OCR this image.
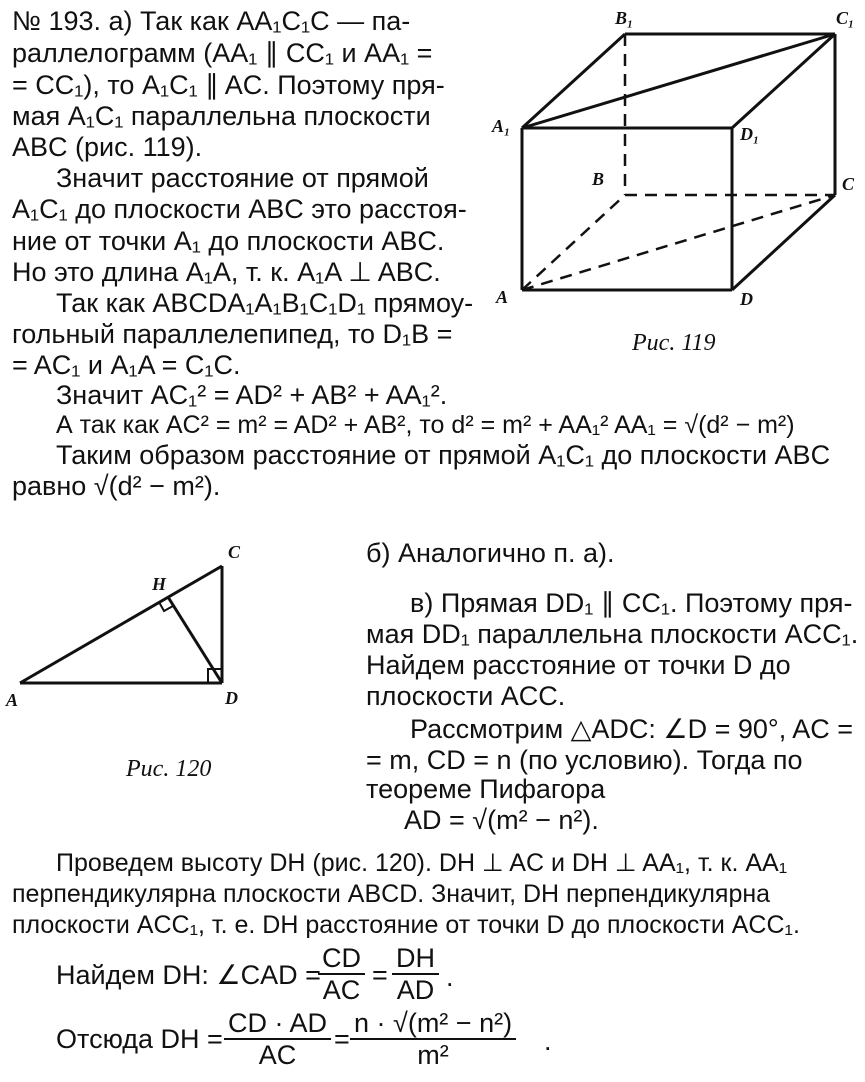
№ 193. а) Так как AA₁C₁C — па-
раллелограмм (AA₁ ∥ CC₁ и AA₁ =
= CC₁), то A₁C₁ ∥ AC. Поэтому пря-
мая A₁C₁ параллельна плоскости
ABC (рис. 119).
Значит расстояние от прямой
A₁C₁ до плоскости ABC это расстоя-
ние от точки A₁ до плоскости ABC.
Но это длина A₁A, т. к. A₁A ⊥ ABC.
Так как ABCDA₁A₁B₁C₁D₁ прямоу-
гольный параллелепипед, то D₁B =
= AC₁ и A₁A = C₁C.
Значит AC₁² = AD² + AB² + AA₁².
А так как AC² = m² = AD² + AB², то d² = m² + AA₁² AA₁ = √(d² − m²)
Таким образом расстояние от прямой A₁C₁ до плоскости ABC
равно √(d² − m²).
A
B	C
D
A₁
B₁	C₁
D₁
Рис. 119
A
C
D
H
Рис. 120
б) Аналогично п. а).
в) Прямая DD₁ ∥ CC₁. Поэтому пря-
мая DD₁ параллельна плоскости ACC₁.
Найдем расстояние от точки D до
плоскости ACC.
Рассмотрим △ADC: ∠D = 90°, AC =
= m, CD = n (по условию). Тогда по
теореме Пифагора
AD = √(m² − n²).
Проведем высоту DH (рис. 120). DH ⊥ AC и DH ⊥ AA₁, т. к. AA₁
перпендикулярна плоскости ABCD. Значит, DH перпендикулярна
плоскости ACC₁, т. е. DH расстояние от точки D до плоскости ACC₁.
Найдем DH: ∠CAD =
$\frac{CD}{AC} = \frac{DH}{AD}$ .
Отсюда DH = $\frac{CD \cdot AD}{AC} = \frac{\text{n · √(m² − n²)}}{\text{m²}}$ .
